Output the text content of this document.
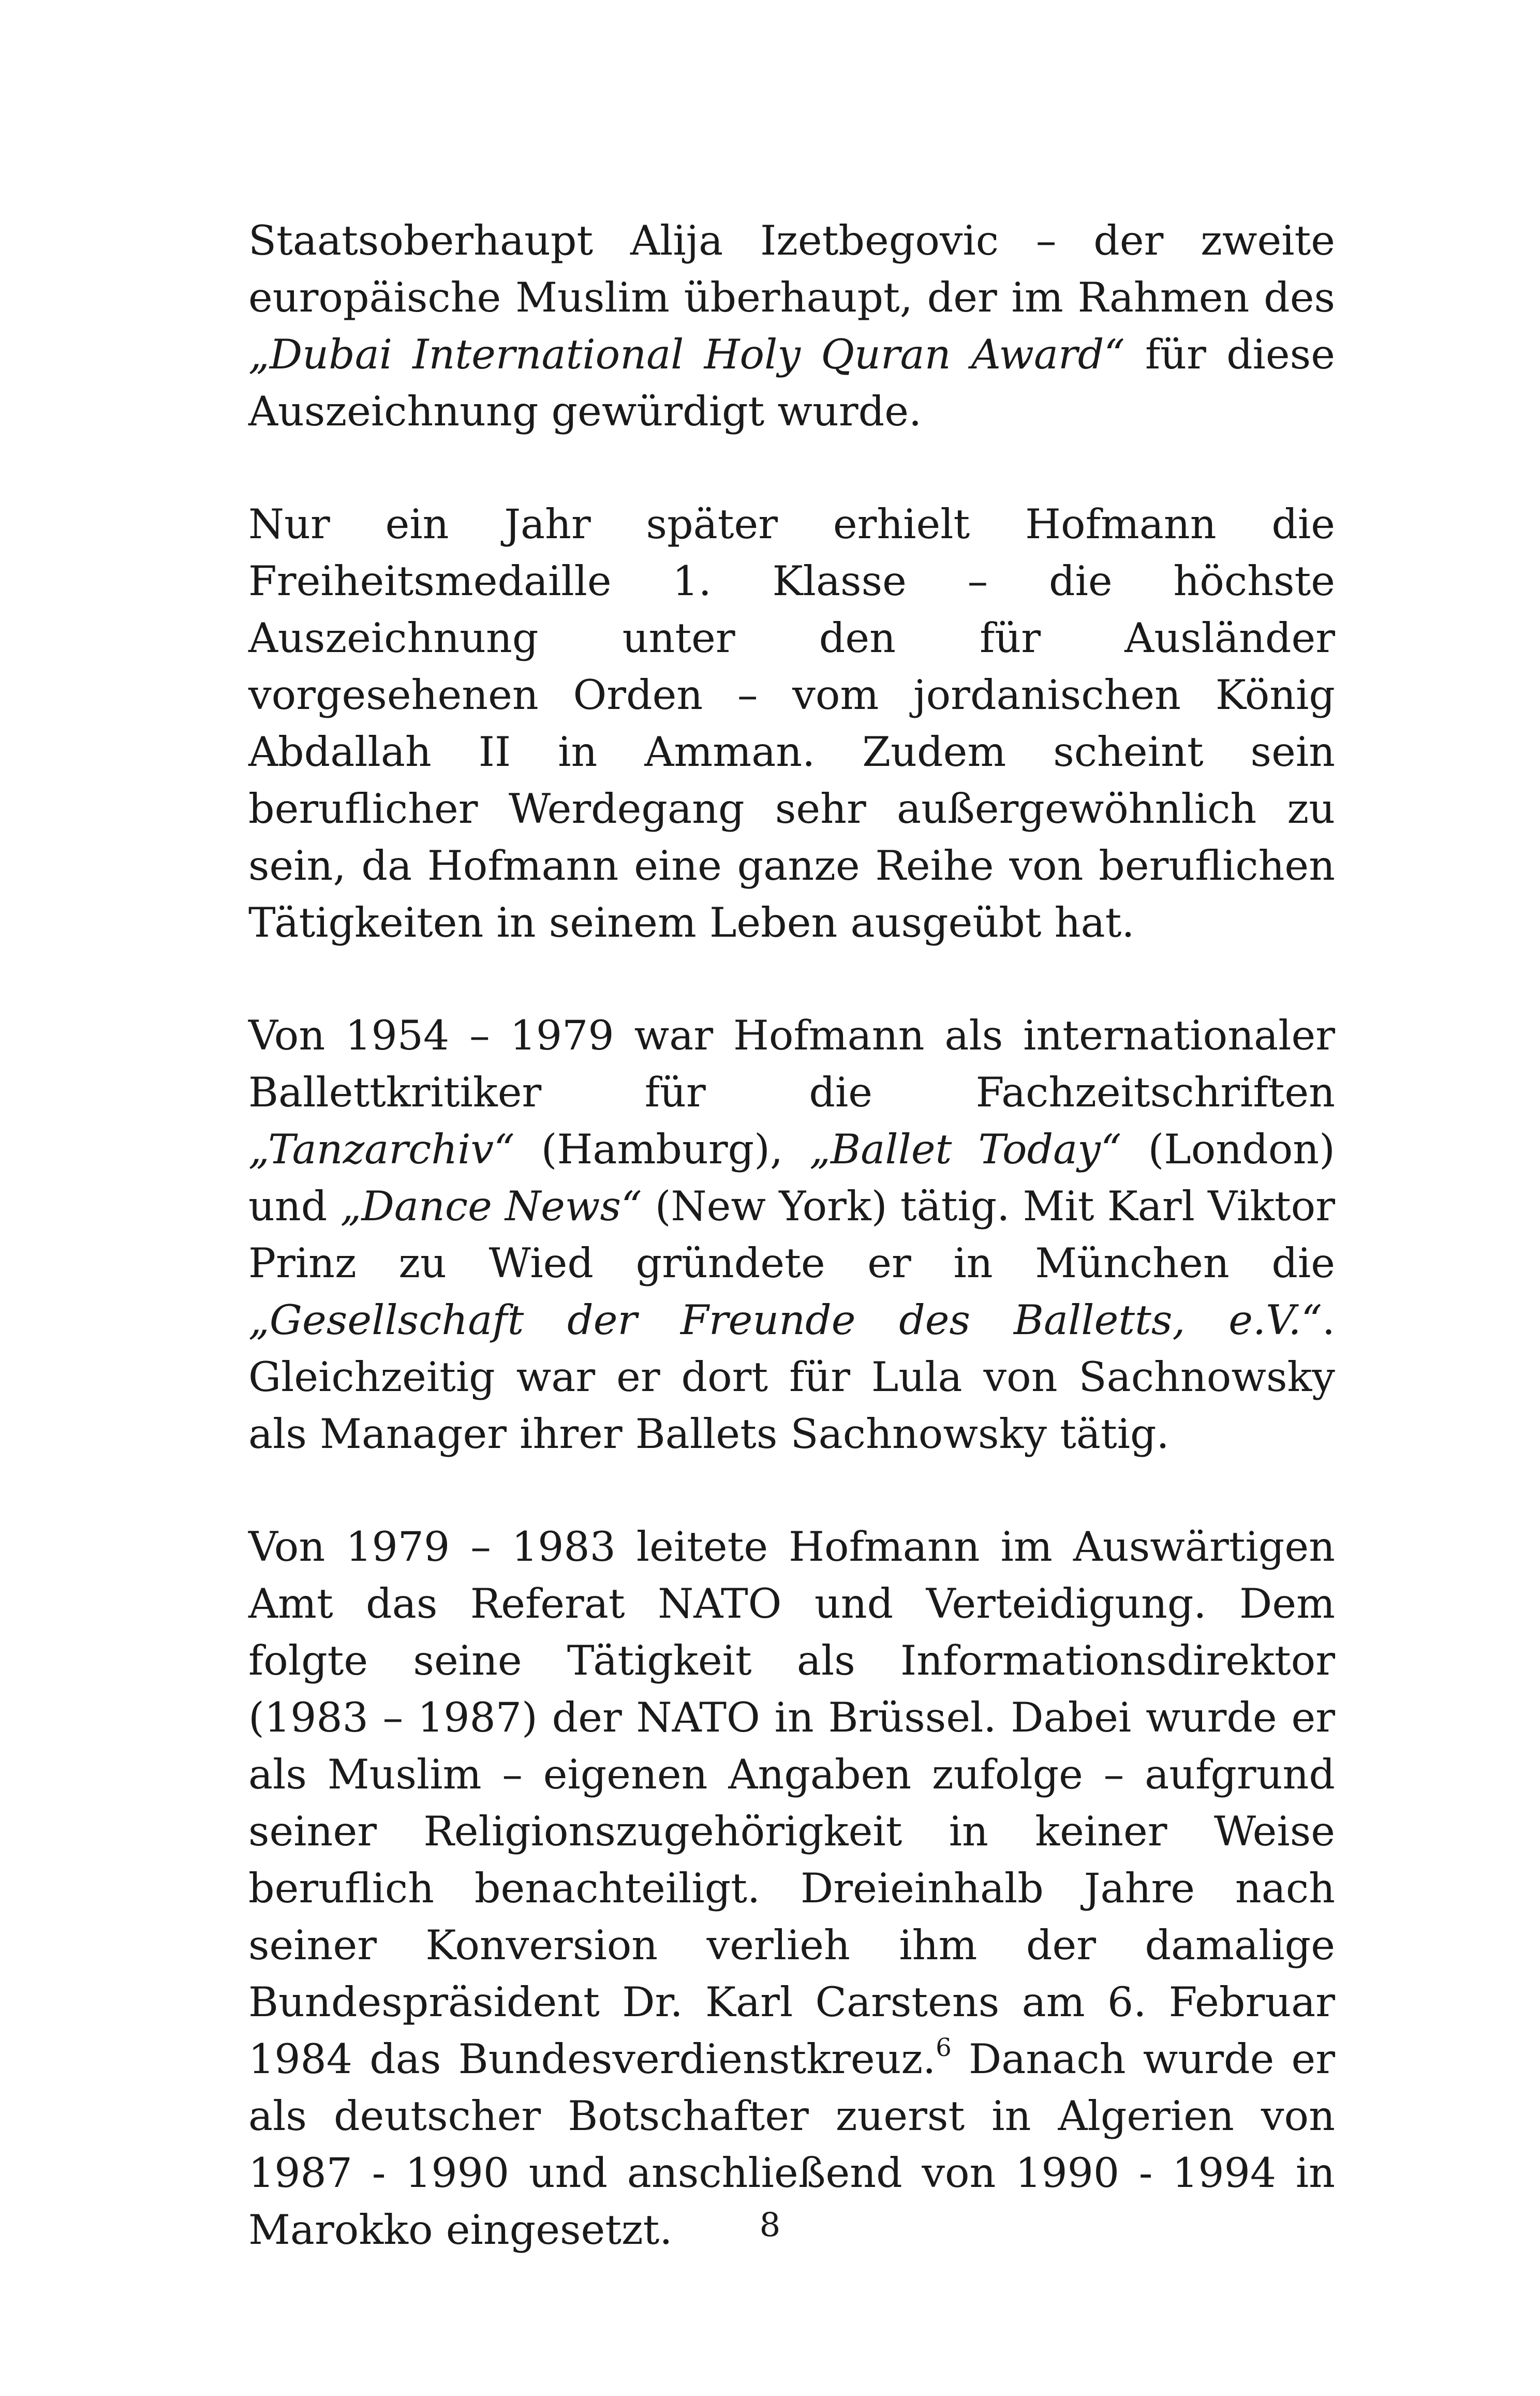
Staatsoberhaupt Alija Izetbegovic – der zweite europäische Muslim überhaupt, der im Rahmen des „Dubai International Holy Quran Award“ für diese Auszeichnung gewürdigt wurde.

Nur ein Jahr später erhielt Hofmann die Freiheitsmedaille 1. Klasse – die höchste Auszeichnung unter den für Ausländer vorgesehenen Orden – vom jordanischen König Abdallah II in Amman. Zudem scheint sein beruflicher Werdegang sehr außergewöhnlich zu sein, da Hofmann eine ganze Reihe von beruflichen Tätigkeiten in seinem Leben ausgeübt hat.

Von 1954 – 1979 war Hofmann als internationaler Ballettkritiker für die Fachzeitschriften „Tanzarchiv“ (Hamburg), „Ballet Today“ (London) und „Dance News“ (New York) tätig. Mit Karl Viktor Prinz zu Wied gründete er in München die „Gesellschaft der Freunde des Balletts, e.V.“. Gleichzeitig war er dort für Lula von Sachnowsky als Manager ihrer Ballets Sachnowsky tätig.

Von 1979 – 1983 leitete Hofmann im Auswärtigen Amt das Referat NATO und Verteidigung. Dem folgte seine Tätigkeit als Informationsdirektor (1983 – 1987) der NATO in Brüssel. Dabei wurde er als Muslim – eigenen Angaben zufolge – aufgrund seiner Religionszugehörigkeit in keiner Weise beruflich benachteiligt. Dreieinhalb Jahre nach seiner Konversion verlieh ihm der damalige Bundespräsident Dr. Karl Carstens am 6. Februar 1984 das Bundesverdienstkreuz.$^6$ Danach wurde er als deutscher Botschafter zuerst in Algerien von 1987 - 1990 und anschließend von 1990 - 1994 in Marokko eingesetzt.	8
